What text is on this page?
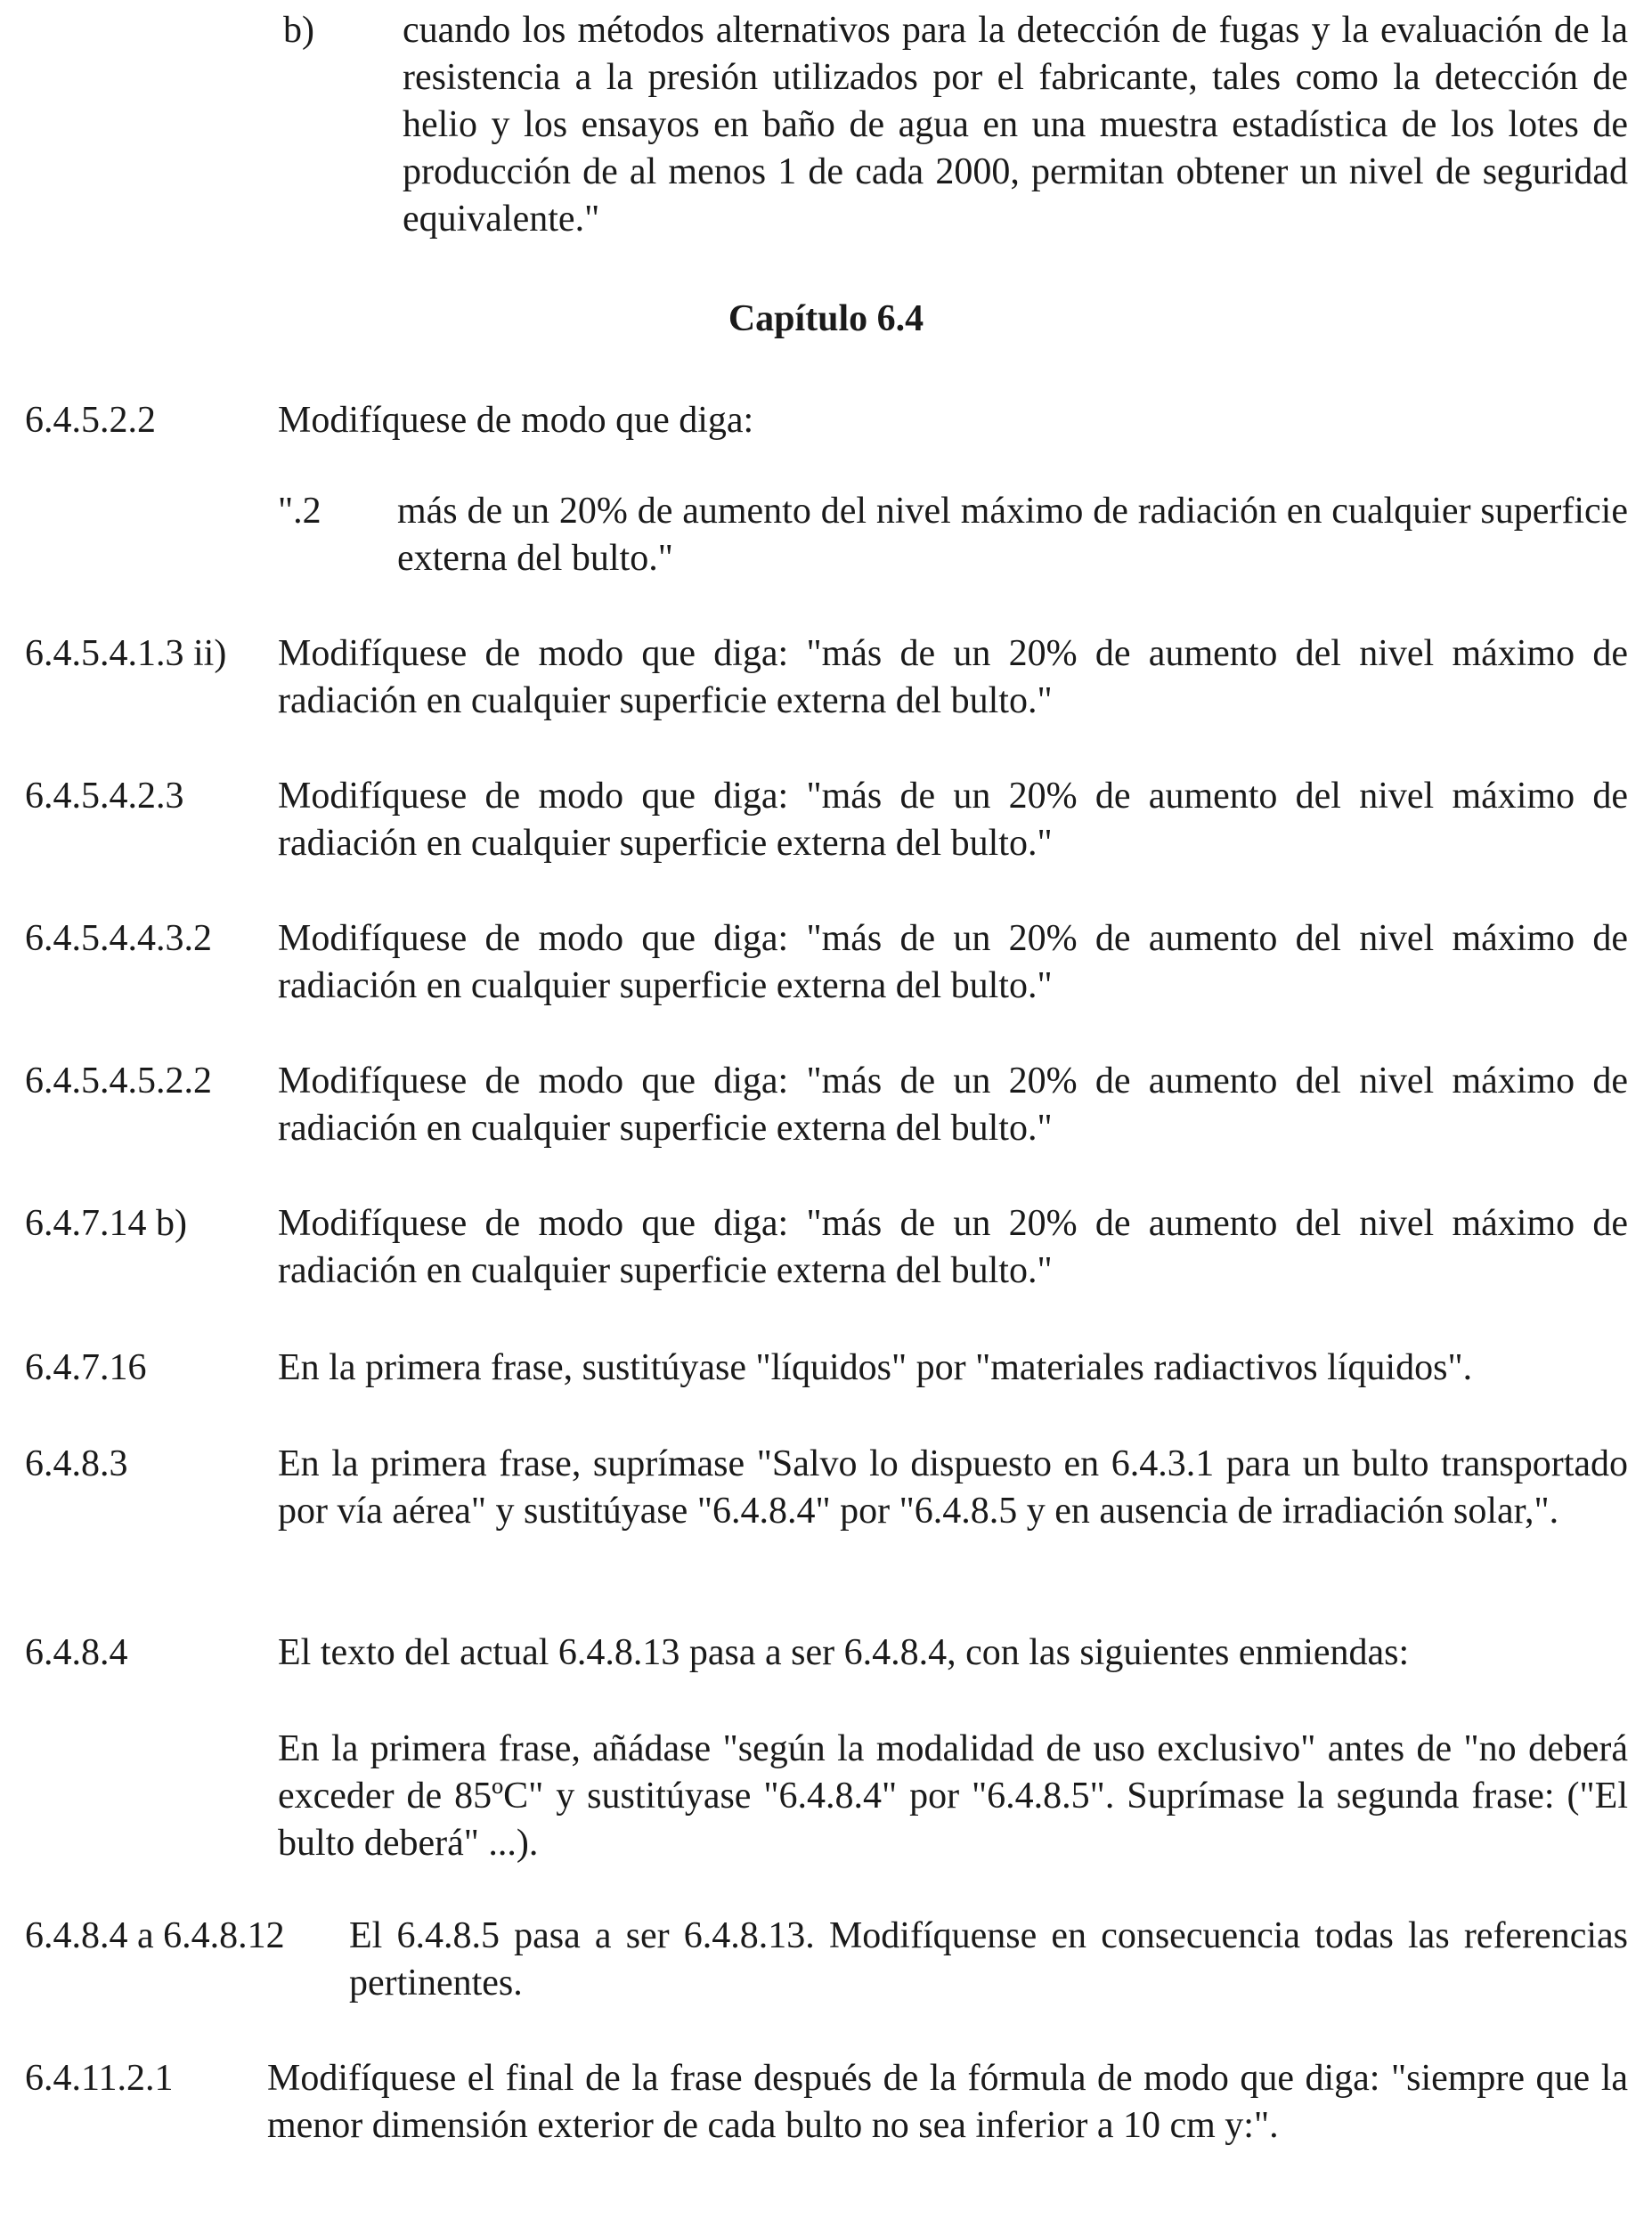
b) cuando los métodos alternativos para la detección de fugas y la evaluación de la resistencia a la presión utilizados por el fabricante, tales como la detección de helio y los ensayos en baño de agua en una muestra estadística de los lotes de producción de al menos 1 de cada 2000, permitan obtener un nivel de seguridad equivalente."
Capítulo 6.4
6.4.5.2.2	Modifíquese de modo que diga:
".2 más de un 20% de aumento del nivel máximo de radiación en cualquier superficie externa del bulto."
6.4.5.4.1.3 ii) Modifíquese de modo que diga: "más de un 20% de aumento del nivel máximo de radiación en cualquier superficie externa del bulto."
6.4.5.4.2.3	Modifíquese de modo que diga: "más de un 20% de aumento del nivel máximo de radiación en cualquier superficie externa del bulto."
6.4.5.4.4.3.2 Modifíquese de modo que diga: "más de un 20% de aumento del nivel máximo de radiación en cualquier superficie externa del bulto."
6.4.5.4.5.2.2 Modifíquese de modo que diga: "más de un 20% de aumento del nivel máximo de radiación en cualquier superficie externa del bulto."
6.4.7.14 b) Modifíquese de modo que diga: "más de un 20% de aumento del nivel máximo de radiación en cualquier superficie externa del bulto."
6.4.7.16	En la primera frase, sustitúyase "líquidos" por "materiales radiactivos líquidos".
6.4.8.3	En la primera frase, suprímase "Salvo lo dispuesto en 6.4.3.1 para un bulto transportado por vía aérea" y sustitúyase "6.4.8.4" por "6.4.8.5 y en ausencia de irradiación solar,".
6.4.8.4	El texto del actual 6.4.8.13 pasa a ser 6.4.8.4, con las siguientes enmiendas:
En la primera frase, añádase "según la modalidad de uso exclusivo" antes de "no deberá exceder de 85ºC" y sustitúyase "6.4.8.4" por "6.4.8.5". Suprímase la segunda frase: ("El bulto deberá" ...).
6.4.8.4 a 6.4.8.12 El 6.4.8.5 pasa a ser 6.4.8.13. Modifíquense en consecuencia todas las referencias pertinentes.
6.4.11.2.1	Modifíquese el final de la frase después de la fórmula de modo que diga: "siempre que la menor dimensión exterior de cada bulto no sea inferior a 10 cm y:".
